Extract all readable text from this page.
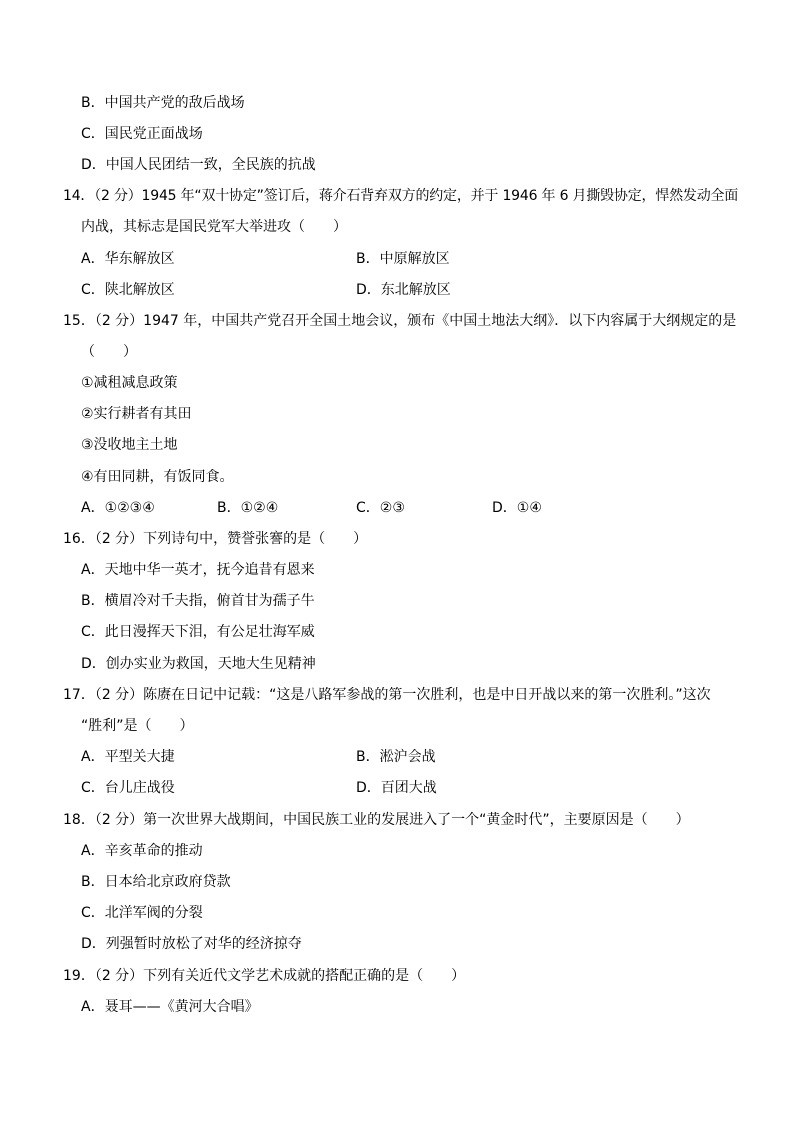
B．中国共产党的敌后战场
C．国民党正面战场
D．中国人民团结一致，全民族的抗战
14．（2 分）1945 年“双十协定”签订后，蒋介石背弃双方的约定，并于 1946 年 6 月撕毁协定，悍然发动全面
内战，其标志是国民党军大举进攻（　　）
A．华东解放区	B．中原解放区
C．陕北解放区	D．东北解放区
15．（2 分）1947 年，中国共产党召开全国土地会议，颁布《中国土地法大纲》．以下内容属于大纲规定的是
（　　）
①减租减息政策
②实行耕者有其田
③没收地主土地
④有田同耕，有饭同食。
A．①②③④	B．①②④	C．②③	D．①④
16．（2 分）下列诗句中，赞誉张謇的是（　　）
A．天地中华一英才，抚今追昔有恩来
B．横眉冷对千夫指，俯首甘为孺子牛
C．此日漫挥天下泪，有公足壮海军威
D．创办实业为救国，天地大生见精神
17．（2 分）陈赓在日记中记载：“这是八路军参战的第一次胜利，也是中日开战以来的第一次胜利。”这次
“胜利”是（　　）
A．平型关大捷	B．淞沪会战
C．台儿庄战役	D．百团大战
18．（2 分）第一次世界大战期间，中国民族工业的发展进入了一个“黄金时代”，主要原因是（　　）
A．辛亥革命的推动
B．日本给北京政府贷款
C．北洋军阀的分裂
D．列强暂时放松了对华的经济掠夺
19．（2 分）下列有关近代文学艺术成就的搭配正确的是（　　）
A．聂耳——《黄河大合唱》
